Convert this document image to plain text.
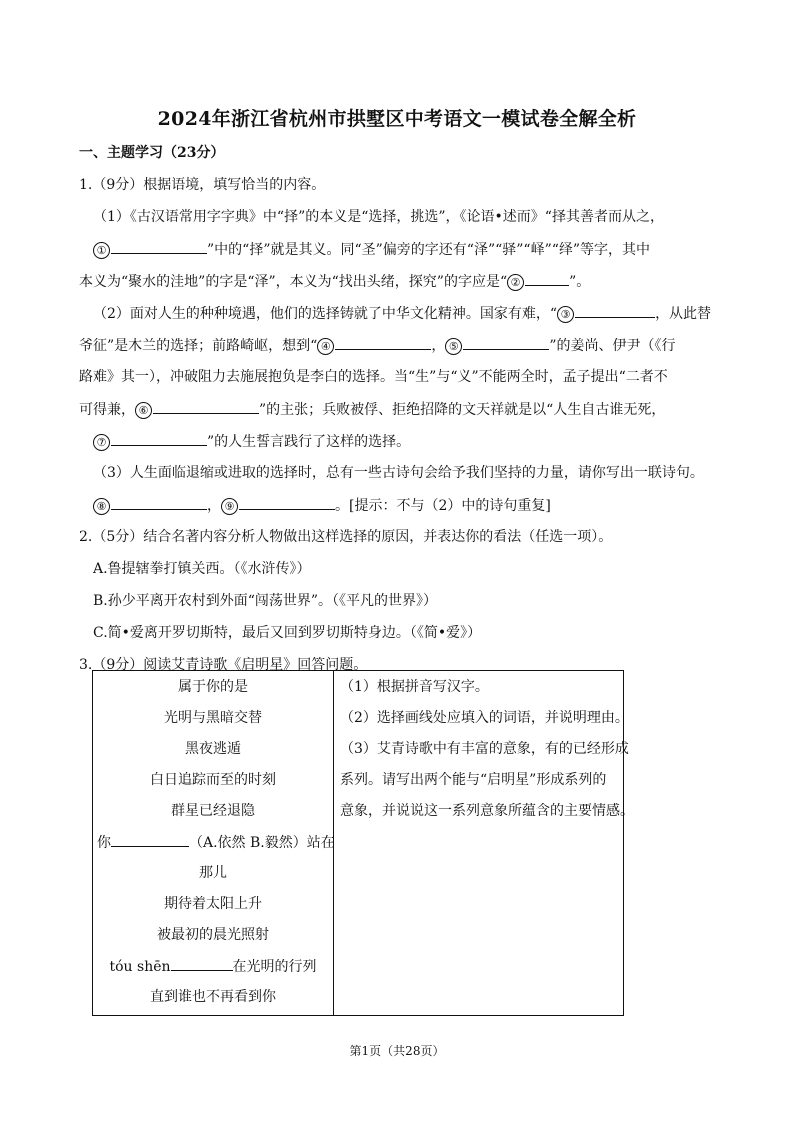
2024年浙江省杭州市拱墅区中考语文一模试卷全解全析
一、主题学习（23分）
1.（9分）根据语境，填写恰当的内容。
（1）《古汉语常用字字典》中“择”的本义是“选择，挑选”，《论语•述而》“择其善者而从之，
①	”中的“择”就是其义。同“圣”偏旁的字还有“泽”“驿”“峄”“绎”等字，其中
本义为“聚水的洼地”的字是“泽”，本义为“找出头绪，探究”的字应是“ ②	”。
（2）面对人生的种种境遇，他们的选择铸就了中华文化精神。国家有难，“ ③	，从此替
爷征”是木兰的选择；前路崎岖，想到“ ④	， ⑤	”的姜尚、伊尹（《行
路难》其一），冲破阻力去施展抱负是李白的选择。当“生”与“义”不能两全时，孟子提出“二者不
可得兼， ⑥	”的主张；兵败被俘、拒绝招降的文天祥就是以“人生自古谁无死，
⑦	”的人生誓言践行了这样的选择。
（3）人生面临退缩或进取的选择时，总有一些古诗句会给予我们坚持的力量，请你写出一联诗句。
⑧	， ⑨	。[提示：不与（2）中的诗句重复]
2.（5分）结合名著内容分析人物做出这样选择的原因，并表达你的看法（任选一项）。
A.鲁提辖拳打镇关西。（《水浒传》）
B.孙少平离开农村到外面“闯荡世界”。（《平凡的世界》）
C.简•爱离开罗切斯特，最后又回到罗切斯特身边。（《简•爱》）
3.（9分）阅读艾青诗歌《启明星》回答问题。
属于你的是
光明与黑暗交替
黑夜逃遁
白日追踪而至的时刻
群星已经退隐
你	（A.依然 B.毅然）站在
那儿
期待着太阳上升
被最初的晨光照射
tóu shēn	在光明的行列
直到谁也不再看到你

（1）根据拼音写汉字。
（2）选择画线处应填入的词语，并说明理由。
（3）艾青诗歌中有丰富的意象，有的已经形成
系列。请写出两个能与“启明星”形成系列的
意象，并说说这一系列意象所蕴含的主要情感。
第1页（共28页）
